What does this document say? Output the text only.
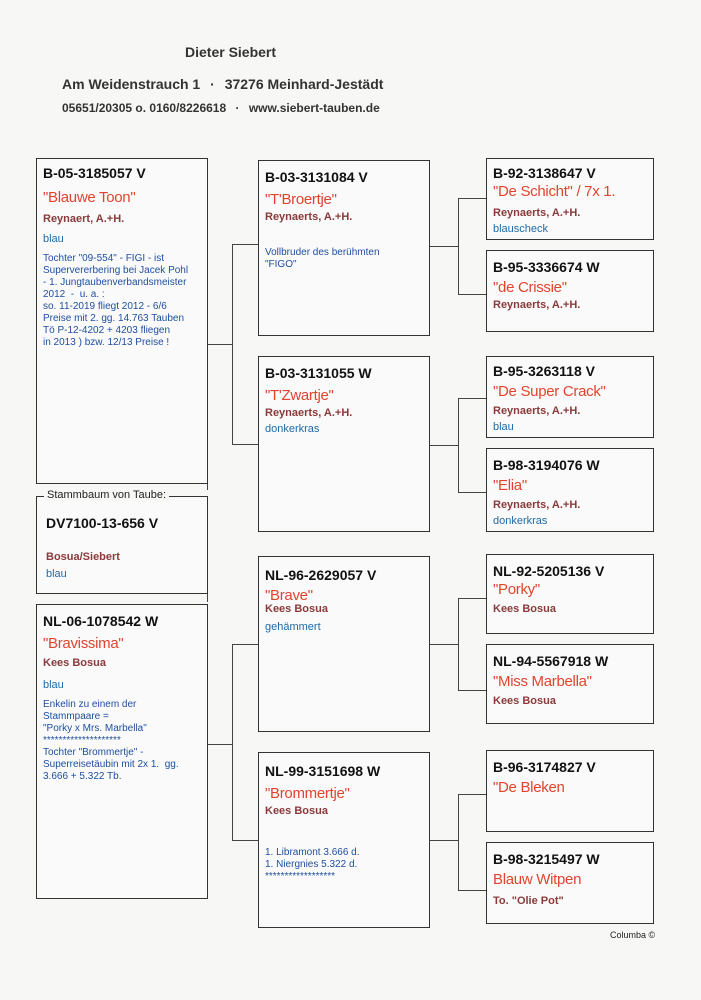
Dieter Siebert
Am Weidenstrauch 1 · 37276 Meinhard-Jestädt
05651/20305 o. 0160/8226618 · www.siebert-tauben.de
DV7100-13-656 V
Bosua/Siebert
blau
Stammbaum von Taube:
B-05-3185057 V
"Blauwe Toon"
Reynaert, A.+H.
blau
Tochter "09-554" - FIGI - ist
Supervererbering bei Jacek Pohl
- 1. Jungtaubenverbandsmeister
2012  -  u. a. :
so. 11-2019 fliegt 2012 - 6/6
Preise mit 2. gg. 14.763 Tauben
Tö P-12-4202 + 4203 fliegen
in 2013 ) bzw. 12/13 Preise !
NL-06-1078542 W
"Bravissima"
Kees Bosua
blau
Enkelin zu einem der
Stammpaare =
"Porky x Mrs. Marbella"
********************
Tochter "Brommertje" -
Superreisetäubin mit 2x 1.  gg.
3.666 + 5.322 Tb.
B-03-3131084 V
"T'Broertje"
Reynaerts, A.+H.
Vollbruder des berühmten
"FIGO"
B-03-3131055 W
"T'Zwartje"
Reynaerts, A.+H.
donkerkras
NL-96-2629057 V
"Brave"
Kees Bosua
gehämmert
NL-99-3151698 W
"Brommertje"
Kees Bosua
1. Libramont 3.666 d.
1. Niergnies 5.322 d.
******************
B-92-3138647 V
"De Schicht" / 7x 1.
Reynaerts, A.+H.
blauscheck
B-95-3336674 W
"de Crissie"
Reynaerts, A.+H.
B-95-3263118 V
"De Super Crack"
Reynaerts, A.+H.
blau
B-98-3194076 W
"Elia"
Reynaerts, A.+H.
donkerkras
NL-92-5205136 V
"Porky"
Kees Bosua
NL-94-5567918 W
"Miss Marbella"
Kees Bosua
B-96-3174827 V
"De Bleken
B-98-3215497 W
Blauw Witpen
To. "Olie Pot"
Columba ©
